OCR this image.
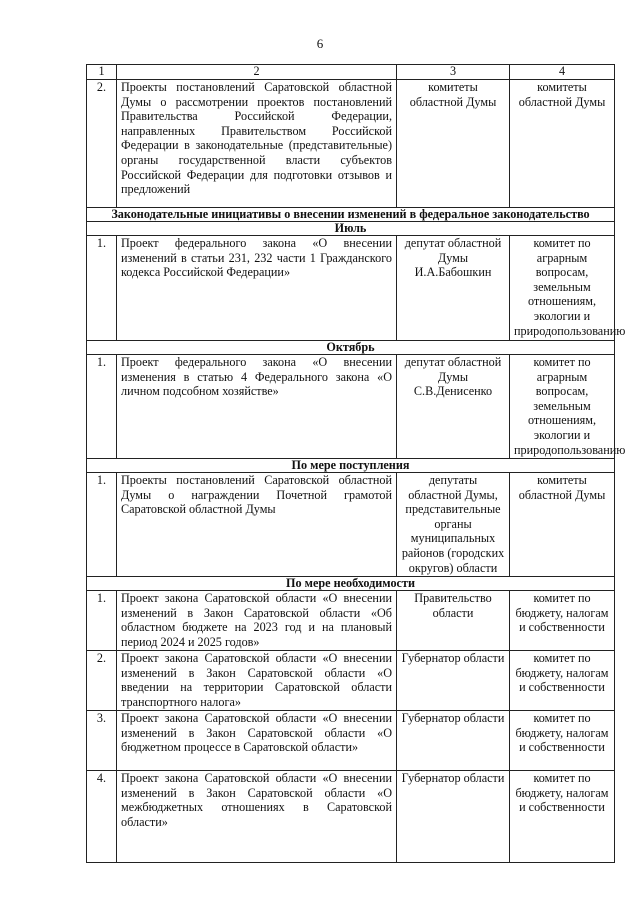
6
1	2	3	4
2.	Проекты постановлений Саратовской областной Думы о рассмотрении проектов постановлений Правительства Российской Федерации, направленных Правительством Российской Федерации в законодательные (представительные) органы государственной власти субъектов Российской Федерации для подготовки отзывов и предложений	комитеты областной Думы	комитеты областной Думы
Законодательные инициативы о внесении изменений в федеральное законодательство			
Июль			
1.	Проект федерального закона «О внесении изменений в статьи 231, 232 части 1 Гражданского кодекса Российской Федерации»	депутат областной Думы И.А.Бабошкин	комитет по аграрным вопросам, земельным отношениям, экологии и природопользованию
Октябрь			
1.	Проект федерального закона «О внесении изменения в статью 4 Федерального закона «О личном подсобном хозяйстве»	депутат областной Думы С.В.Денисенко	комитет по аграрным вопросам, земельным отношениям, экологии и природопользованию
По мере поступления			
1.	Проекты постановлений Саратовской областной Думы о награждении Почетной грамотой Саратовской областной Думы	депутаты областной Думы, представительные органы муниципальных районов (городских округов) области	комитеты областной Думы
По мере необходимости			
1.	Проект закона Саратовской области «О внесении изменений в Закон Саратовской области «Об областном бюджете на 2023 год и на плановый период 2024 и 2025 годов»	Правительство области	комитет по бюджету, налогам и собственности
2.	Проект закона Саратовской области «О внесении изменений в Закон Саратовской области «О введении на территории Саратовской области транспортного налога»	Губернатор области	комитет по бюджету, налогам и собственности
3.	Проект закона Саратовской области «О внесении изменений в Закон Саратовской области «О бюджетном процессе в Саратовской области»	Губернатор области	комитет по бюджету, налогам и собственности
4.	Проект закона Саратовской области «О внесении изменений в Закон Саратовской области «О межбюджетных отношениях в Саратовской области»	Губернатор области	комитет по бюджету, налогам и собственности
